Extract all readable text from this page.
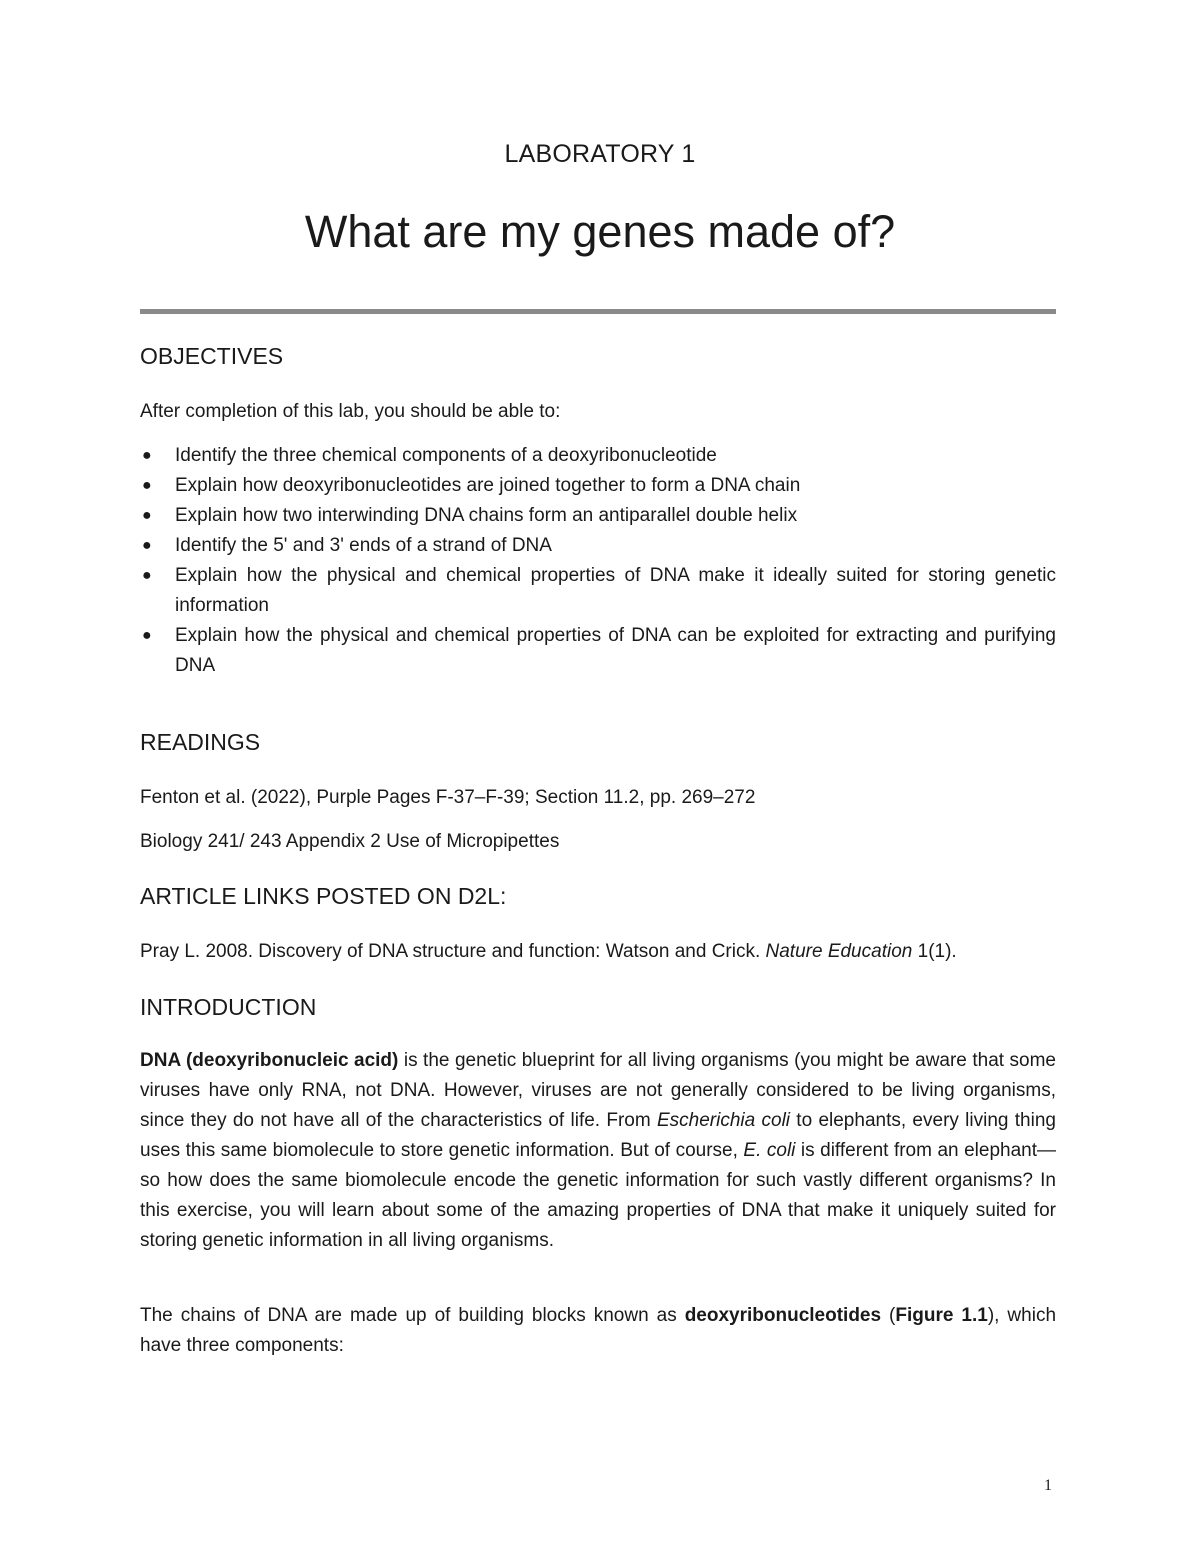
LABORATORY 1
What are my genes made of?
OBJECTIVES

After completion of this lab, you should be able to:

● Identify the three chemical components of a deoxyribonucleotide
● Explain how deoxyribonucleotides are joined together to form a DNA chain
● Explain how two interwinding DNA chains form an antiparallel double helix
● Identify the 5' and 3' ends of a strand of DNA
● Explain how the physical and chemical properties of DNA make it ideally suited for storing genetic information
● Explain how the physical and chemical properties of DNA can be exploited for extracting and purifying DNA
READINGS

Fenton et al. (2022), Purple Pages F-37–F-39; Section 11.2, pp. 269–272

Biology 241/ 243 Appendix 2 Use of Micropipettes

ARTICLE LINKS POSTED ON D2L:

Pray L. 2008. Discovery of DNA structure and function: Watson and Crick. Nature Education 1(1).

INTRODUCTION

DNA (deoxyribonucleic acid) is the genetic blueprint for all living organisms (you might be aware that some viruses have only RNA, not DNA. However, viruses are not generally considered to be living organisms, since they do not have all of the characteristics of life. From Escherichia coli to elephants, every living thing uses this same biomolecule to store genetic information. But of course, E. coli is different from an elephant—so how does the same biomolecule encode the genetic information for such vastly different organisms? In this exercise, you will learn about some of the amazing properties of DNA that make it uniquely suited for storing genetic information in all living organisms.

The chains of DNA are made up of building blocks known as deoxyribonucleotides (Figure 1.1), which have three components:

1
